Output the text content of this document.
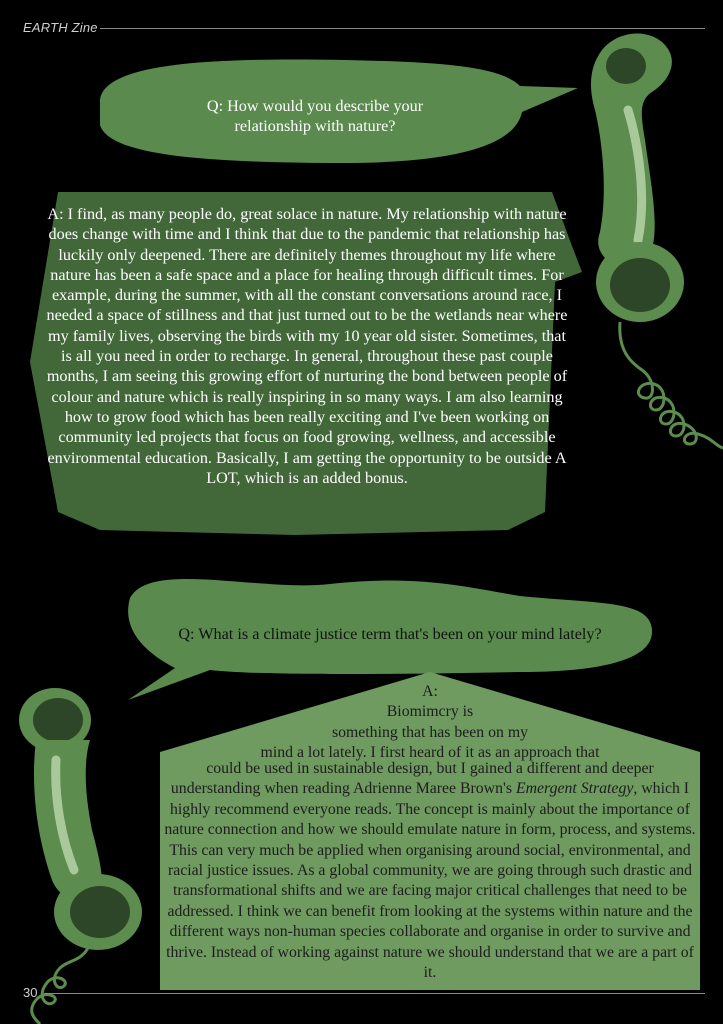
EARTH Zine
Q: How would you describe your relationship with nature?
A: I find, as many people do, great solace in nature. My relationship with nature does change with time and I think that due to the pandemic that relationship has luckily only deepened. There are definitely themes throughout my life where nature has been a safe space and a place for healing through difficult times. For example, during the summer, with all the constant conversations around race, I needed a space of stillness and that just turned out to be the wetlands near where my family lives, observing the birds with my 10 year old sister. Sometimes, that is all you need in order to recharge. In general, throughout these past couple months, I am seeing this growing effort of nurturing the bond between people of colour and nature which is really inspiring in so many ways. I am also learning how to grow food which has been really exciting and I've been working on community led projects that focus on food growing, wellness, and accessible environmental education. Basically, I am getting the opportunity to be outside A LOT, which is an added bonus.
Q: What is a climate justice term that's been on your mind lately?
A:
Biomimcry is
something that has been on my
mind a lot lately. I first heard of it as an approach that
could be used in sustainable design, but I gained a different and deeper understanding when reading Adrienne Maree Brown's Emergent Strategy, which I highly recommend everyone reads. The concept is mainly about the importance of nature connection and how we should emulate nature in form, process, and systems. This can very much be applied when organising around social, environmental, and racial justice issues. As a global community, we are going through such drastic and transformational shifts and we are facing major critical challenges that need to be addressed. I think we can benefit from looking at the systems within nature and the different ways non-human species collaborate and organise in order to survive and thrive. Instead of working against nature we should understand that we are a part of it.
30
